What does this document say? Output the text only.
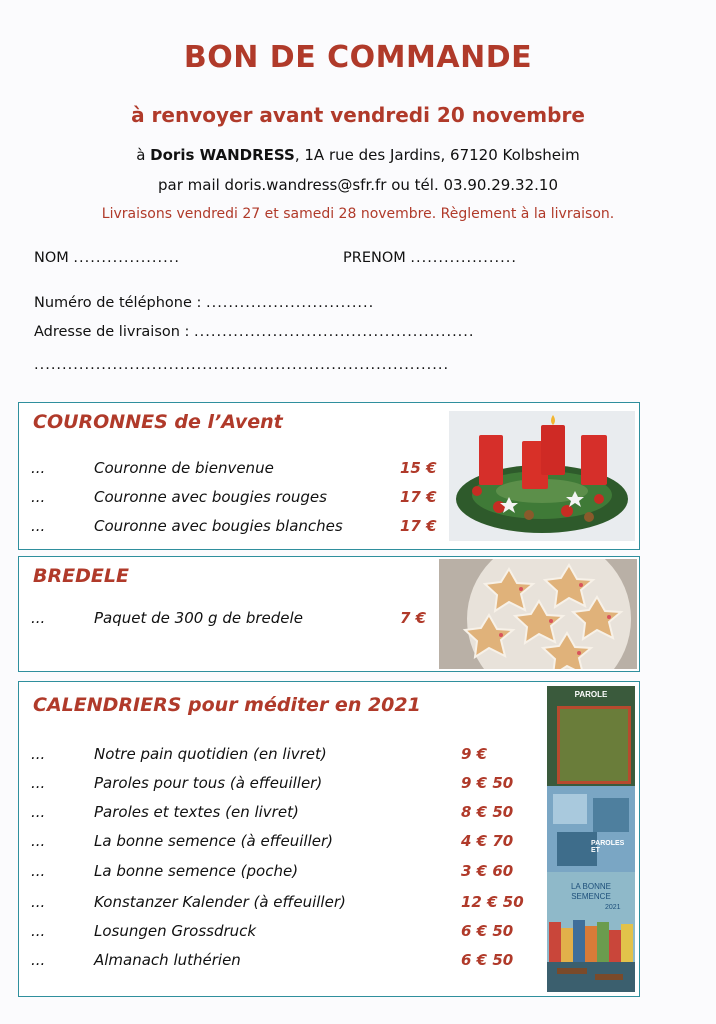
BON DE COMMANDE
à renvoyer avant vendredi 20 novembre
à Doris WANDRESS, 1A rue des Jardins, 67120 Kolbsheim
par mail doris.wandress@sfr.fr ou tél. 03.90.29.32.10
Livraisons vendredi 27 et samedi 28 novembre. Règlement à la livraison.
NOM ...................	PRENOM ...................
Numéro de téléphone : ..............................
Adresse de livraison : ..................................................
..........................................................................
COURONNES de l’Avent
...	Couronne de bienvenue	15 €
...	Couronne avec bougies rouges	17 €
...	Couronne avec bougies blanches	17 €
BREDELE
...	Paquet de 300 g de bredele	7 €
CALENDRIERS pour méditer en 2021
...	Notre pain quotidien (en livret)	9 €
...	Paroles pour tous (à effeuiller)	9 € 50
...	Paroles et textes (en livret)	8 € 50
...	La bonne semence (à effeuiller)	4 € 70
...	La bonne semence (poche)	3 € 60
...	Konstanzer Kalender (à effeuiller)	12 € 50
...	Losungen Grossdruck	6 € 50
...	Almanach luthérien	6 € 50
PAROLE
PAROLES ET
LA BONNE
SEMENCE
2021
